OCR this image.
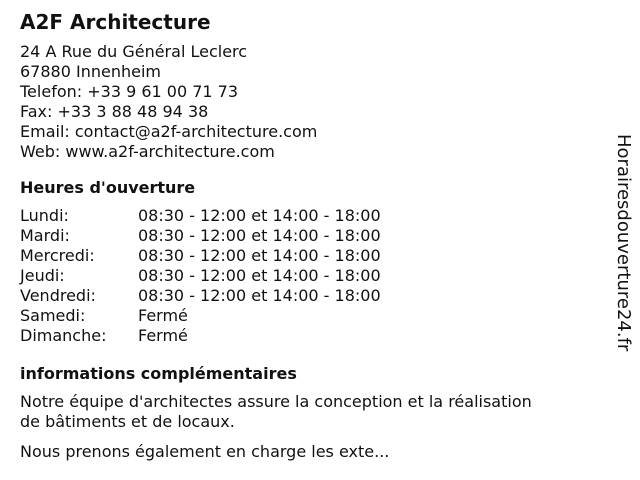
A2F Architecture
24 A Rue du Général Leclerc
67880 Innenheim
Telefon: +33 9 61 00 71 73
Fax: +33 3 88 48 94 38
Email: contact@a2f-architecture.com
Web: www.a2f-architecture.com
Heures d'ouverture
Lundi:	08:30 - 12:00 et 14:00 - 18:00
Mardi:	08:30 - 12:00 et 14:00 - 18:00
Mercredi:	08:30 - 12:00 et 14:00 - 18:00
Jeudi:	08:30 - 12:00 et 14:00 - 18:00
Vendredi:	08:30 - 12:00 et 14:00 - 18:00
Samedi:	Fermé
Dimanche:	Fermé
informations complémentaires
Notre équipe d'architectes assure la conception et la réalisation
de bâtiments et de locaux.
Nous prenons également en charge les exte...
Horairesdouverture24.fr
